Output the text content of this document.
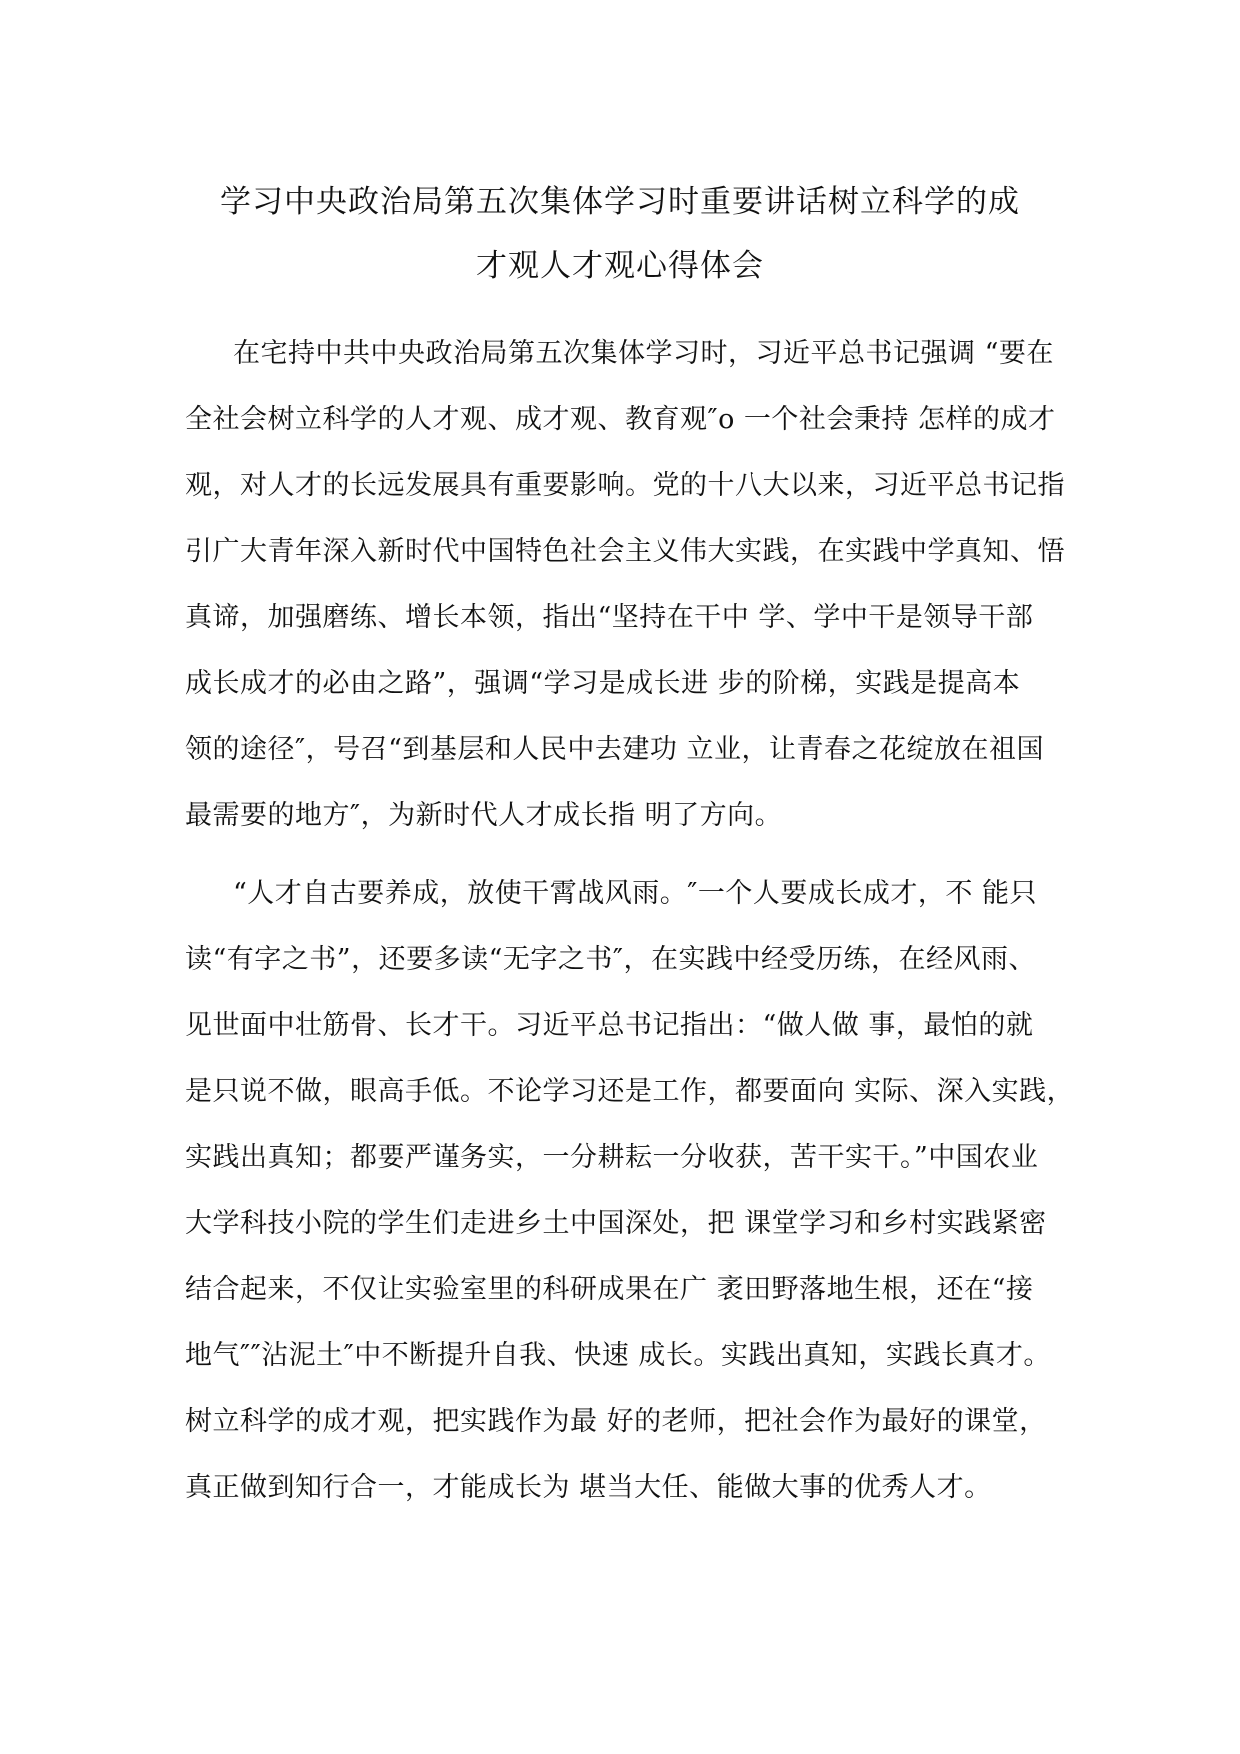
学习中央政治局第五次集体学习时重要讲话树立科学的成
才观人才观心得体会
在宅持中共中央政治局第五次集体学习时，习近平总书记强调 “要在
全社会树立科学的人才观、成才观、教育观″o 一个社会秉持 怎样的成才
观，对人才的长远发展具有重要影响。党的十八大以来，习近平总书记指
引广大青年深入新时代中国特色社会主义伟大实践，在实践中学真知、悟
真谛，加强磨练、增长本领，指出“坚持在干中 学、学中干是领导干部
成长成才的必由之路”，强调“学习是成长进 步的阶梯，实践是提高本
领的途径″，号召“到基层和人民中去建功 立业，让青春之花绽放在祖国
最需要的地方″，为新时代人才成长指 明了方向。
“人才自古要养成，放使干霄战风雨。″一个人要成长成才，不 能只
读“有字之书”，还要多读“无字之书″，在实践中经受历练，在经风雨、
见世面中壮筋骨、长才干。习近平总书记指出：“做人做 事，最怕的就
是只说不做，眼高手低。不论学习还是工作，都要面向 实际、深入实践，
实践出真知；都要严谨务实，一分耕耘一分收获，苦干实干。”中国农业
大学科技小院的学生们走进乡土中国深处，把 课堂学习和乡村实践紧密
结合起来，不仅让实验室里的科研成果在广 袤田野落地生根，还在“接
地气″″沾泥土″中不断提升自我、快速 成长。实践出真知，实践长真才。
树立科学的成才观，把实践作为最 好的老师，把社会作为最好的课堂，
真正做到知行合一，才能成长为 堪当大任、能做大事的优秀人才。
